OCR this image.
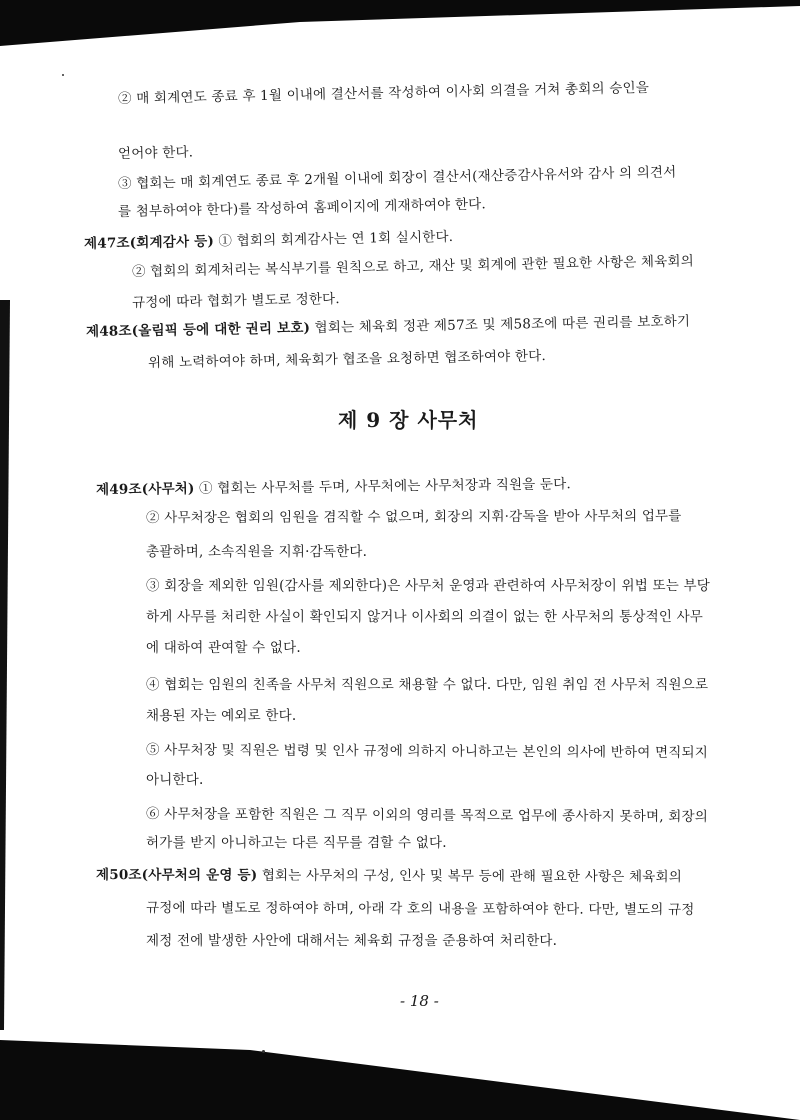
② 매 회계연도 종료 후 1월 이내에 결산서를 작성하여 이사회 의결을 거쳐 총회의 승인을
얻어야 한다.
③ 협회는 매 회계연도 종료 후 2개월 이내에 회장이 결산서(재산증감사유서와 감사 의 의견서
를 첨부하여야 한다)를 작성하여 홈페이지에 게재하여야 한다.
제47조(회계감사 등) ① 협회의 회계감사는 연 1회 실시한다.
② 협회의 회계처리는 복식부기를 원칙으로 하고, 재산 및 회계에 관한 필요한 사항은 체육회의
규정에 따라 협회가 별도로 정한다.
제48조(올림픽 등에 대한 권리 보호) 협회는 체육회 정관 제57조 및 제58조에 따른 권리를 보호하기
위해 노력하여야 하며, 체육회가 협조을 요청하면 협조하여야 한다.
제 9 장 사무처
제49조(사무처) ① 협회는 사무처를 두며, 사무처에는 사무처장과 직원을 둔다.
② 사무처장은 협회의 임원을 겸직할 수 없으며, 회장의 지휘·감독을 받아 사무처의 업무를
총괄하며, 소속직원을 지휘·감독한다.
③ 회장을 제외한 임원(감사를 제외한다)은 사무처 운영과 관련하여 사무처장이 위법 또는 부당
하게 사무를 처리한 사실이 확인되지 않거나 이사회의 의결이 없는 한 사무처의 통상적인 사무
에 대하여 관여할 수 없다.
④ 협회는 임원의 친족을 사무처 직원으로 채용할 수 없다. 다만, 임원 취임 전 사무처 직원으로
채용된 자는 예외로 한다.
⑤ 사무처장 및 직원은 법령 및 인사 규정에 의하지 아니하고는 본인의 의사에 반하여 면직되지
아니한다.
⑥ 사무처장을 포함한 직원은 그 직무 이외의 영리를 목적으로 업무에 종사하지 못하며, 회장의
허가를 받지 아니하고는 다른 직무를 겸할 수 없다.
제50조(사무처의 운영 등) 협회는 사무처의 구성, 인사 및 복무 등에 관해 필요한 사항은 체육회의
규정에 따라 별도로 정하여야 하며, 아래 각 호의 내용을 포함하여야 한다. 다만, 별도의 규정
제정 전에 발생한 사안에 대해서는 체육회 규정을 준용하여 처리한다.
- 18 -
